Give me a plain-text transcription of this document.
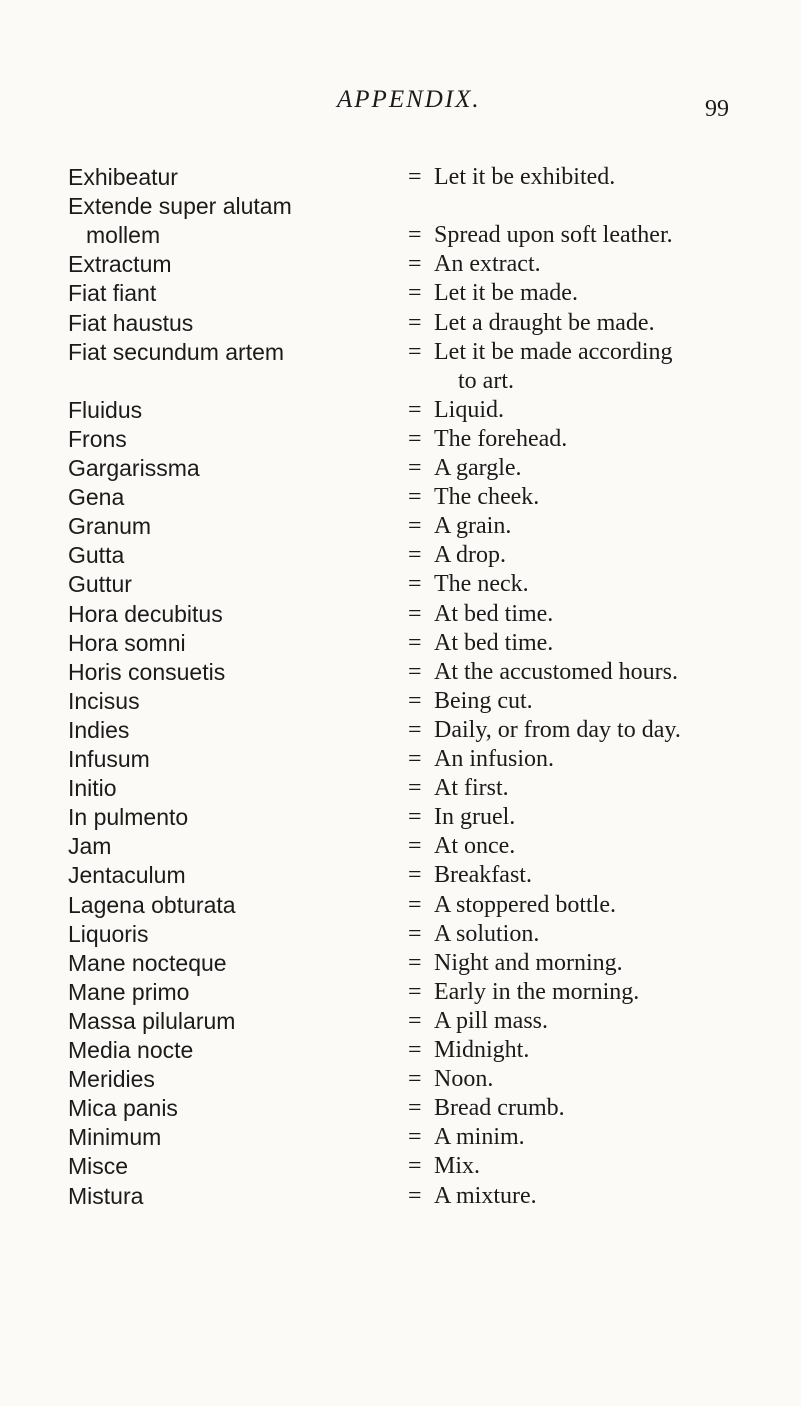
APPENDIX.	99
Exhibeatur	= Let it be exhibited.
Extende super alutam
mollem	= Spread upon soft leather.
Extractum	= An extract.
Fiat fiant	= Let it be made.
Fiat haustus	= Let a draught be made.
Fiat secundum artem	= Let it be made according
to art.
Fluidus	= Liquid.
Frons	= The forehead.
Gargarissma	= A gargle.
Gena	= The cheek.
Granum	= A grain.
Gutta	= A drop.
Guttur	= The neck.
Hora decubitus	= At bed time.
Hora somni	= At bed time.
Horis consuetis	= At the accustomed hours.
Incisus	= Being cut.
Indies	= Daily, or from day to day.
Infusum	= An infusion.
Initio	= At first.
In pulmento	= In gruel.
Jam	= At once.
Jentaculum	= Breakfast.
Lagena obturata	= A stoppered bottle.
Liquoris	= A solution.
Mane nocteque	= Night and morning.
Mane primo	= Early in the morning.
Massa pilularum	= A pill mass.
Media nocte	= Midnight.
Meridies	= Noon.
Mica panis	= Bread crumb.
Minimum	= A minim.
Misce	= Mix.
Mistura	= A mixture.
